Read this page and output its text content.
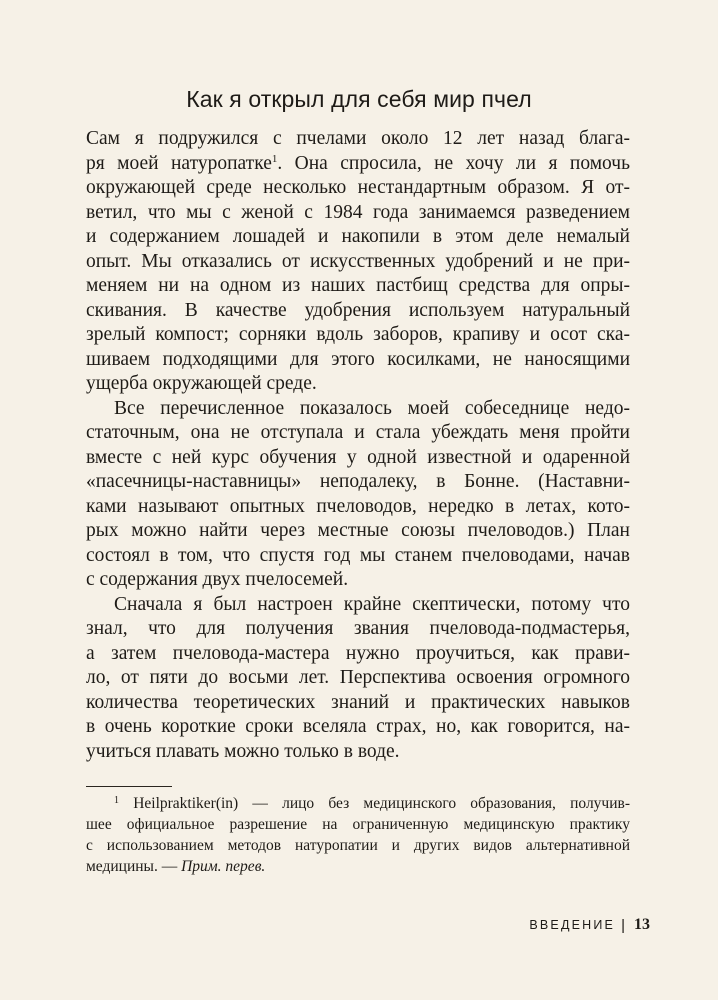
Как я открыл для себя мир пчел
Сам я подружился с пчелами около 12 лет назад блага-
ря моей натуропатке$^1$. Она спросила, не хочу ли я помочь
окружающей среде несколько нестандартным образом. Я от-
ветил, что мы с женой с 1984 года занимаемся разведением
и содержанием лошадей и накопили в этом деле немалый
опыт. Мы отказались от искусственных удобрений и не при-
меняем ни на одном из наших пастбищ средства для опры-
скивания. В качестве удобрения используем натуральный
зрелый компост; сорняки вдоль заборов, крапиву и осот ска-
шиваем подходящими для этого косилками, не наносящими
ущерба окружающей среде.
Все перечисленное показалось моей собеседнице недо-
статочным, она не отступала и стала убеждать меня пройти
вместе с ней курс обучения у одной известной и одаренной
«пасечницы-наставницы» неподалеку, в Бонне. (Наставни-
ками называют опытных пчеловодов, нередко в летах, кото-
рых можно найти через местные союзы пчеловодов.) План
состоял в том, что спустя год мы станем пчеловодами, начав
с содержания двух пчелосемей.
Сначала я был настроен крайне скептически, потому что
знал, что для получения звания пчеловода-подмастерья,
а затем пчеловода-мастера нужно проучиться, как прави-
ло, от пяти до восьми лет. Перспектива освоения огромного
количества теоретических знаний и практических навыков
в очень короткие сроки вселяла страх, но, как говорится, на-
учиться плавать можно только в воде.
$^1$ Heilpraktiker(in) — лицо без медицинского образования, получив-
шее официальное разрешение на ограниченную медицинскую практику
с использованием методов натуропатии и других видов альтернативной
медицины. — Прим. перев.
ВВЕДЕНИЕ | 13
